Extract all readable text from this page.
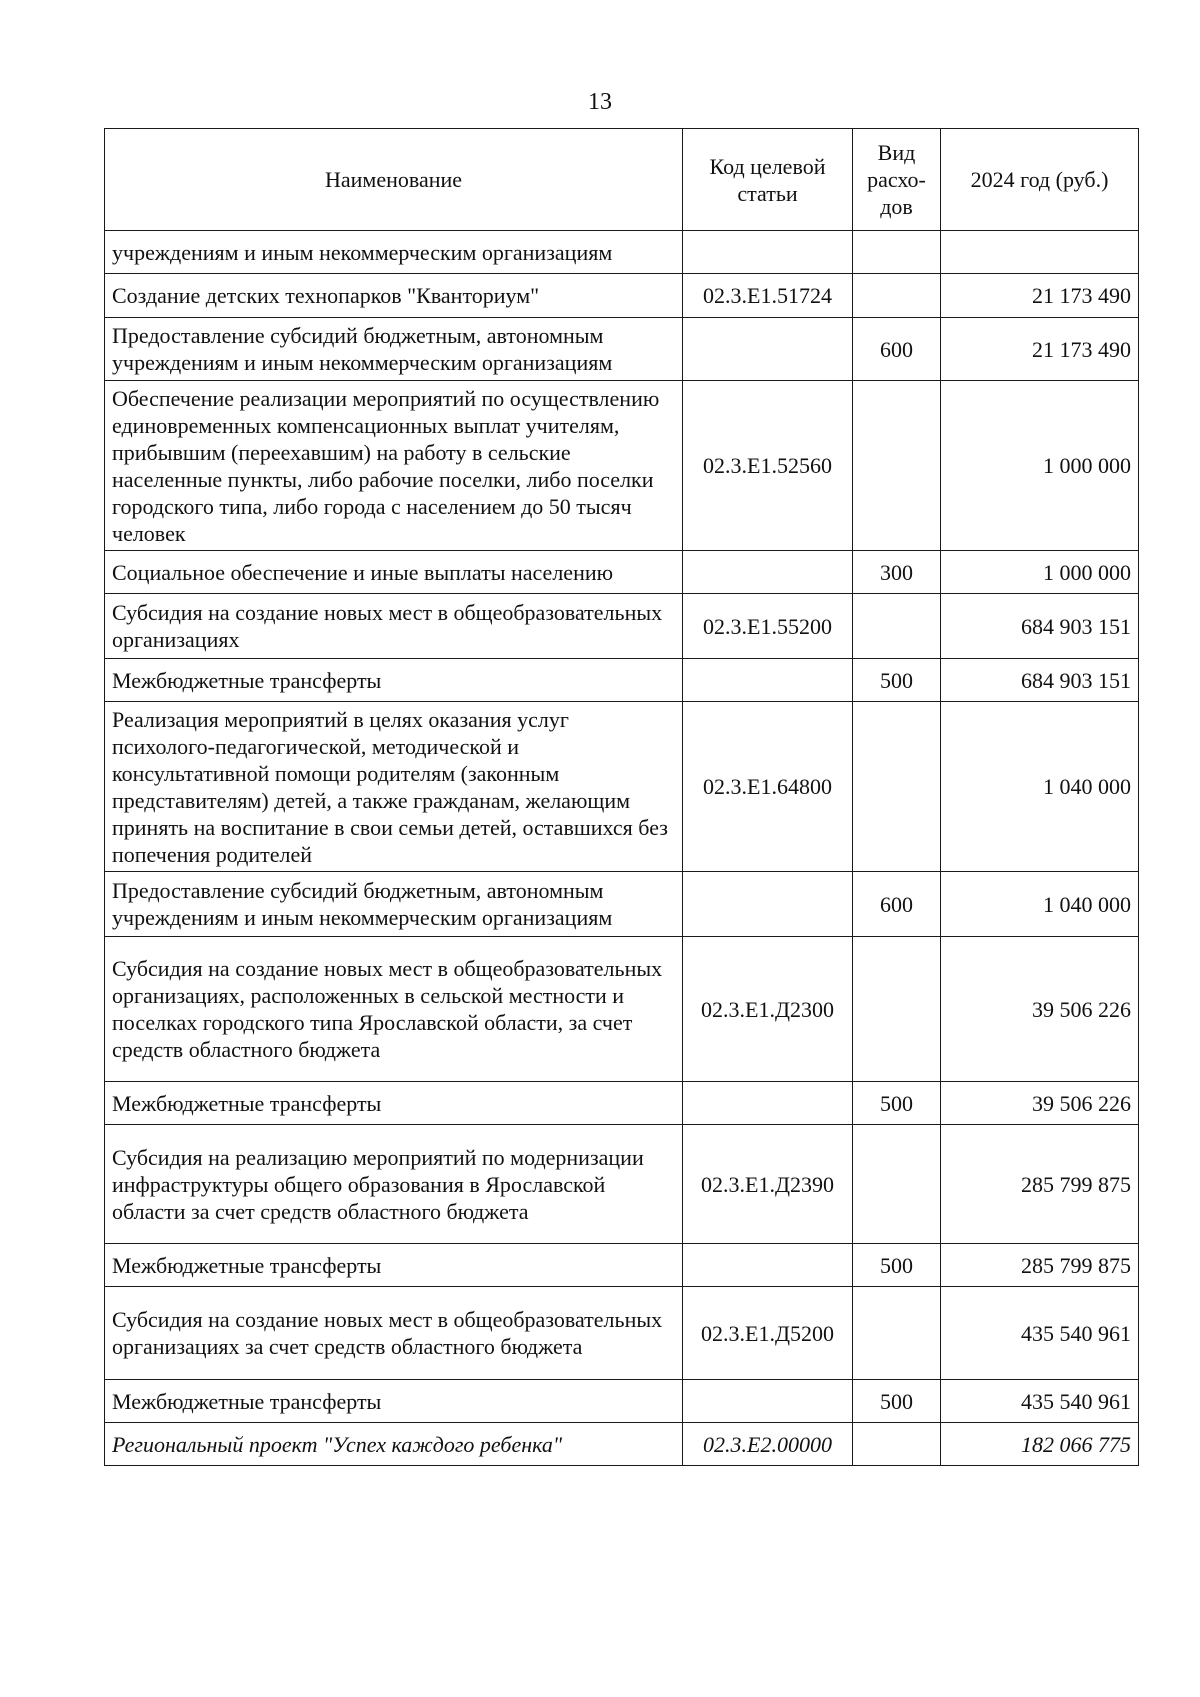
13
Наименование	Код целевой статьи	Вид расхо-дов	2024 год (руб.)
учреждениям и иным некоммерческим организациям			
Создание детских технопарков "Кванториум"	02.3.E1.51724		21 173 490
Предоставление субсидий бюджетным, автономным учреждениям и иным некоммерческим организациям		600	21 173 490
Обеспечение реализации мероприятий по осуществлению единовременных компенсационных выплат учителям, прибывшим (переехавшим) на работу в сельские населенные пункты, либо рабочие поселки, либо поселки городского типа, либо города с населением до 50 тысяч человек	02.3.E1.52560		1 000 000
Социальное обеспечение и иные выплаты населению		300	1 000 000
Субсидия на создание новых мест в общеобразовательных организациях	02.3.E1.55200		684 903 151
Межбюджетные трансферты		500	684 903 151
Реализация мероприятий в целях оказания услуг психолого-педагогической, методической и консультативной помощи родителям (законным представителям) детей, а также гражданам, желающим принять на воспитание в свои семьи детей, оставшихся без попечения родителей	02.3.E1.64800		1 040 000
Предоставление субсидий бюджетным, автономным учреждениям и иным некоммерческим организациям		600	1 040 000
Субсидия на создание новых мест в общеобразовательных организациях, расположенных в сельской местности и поселках городского типа Ярославской области, за счет средств областного бюджета	02.3.E1.Д2300		39 506 226
Межбюджетные трансферты		500	39 506 226
Субсидия на реализацию мероприятий по модернизации инфраструктуры общего образования в Ярославской области за счет средств областного бюджета	02.3.E1.Д2390		285 799 875
Межбюджетные трансферты		500	285 799 875
Субсидия на создание новых мест в общеобразовательных организациях за счет средств областного бюджета	02.3.E1.Д5200		435 540 961
Межбюджетные трансферты		500	435 540 961
Региональный проект "Успех каждого ребенка"	02.3.E2.00000		182 066 775
